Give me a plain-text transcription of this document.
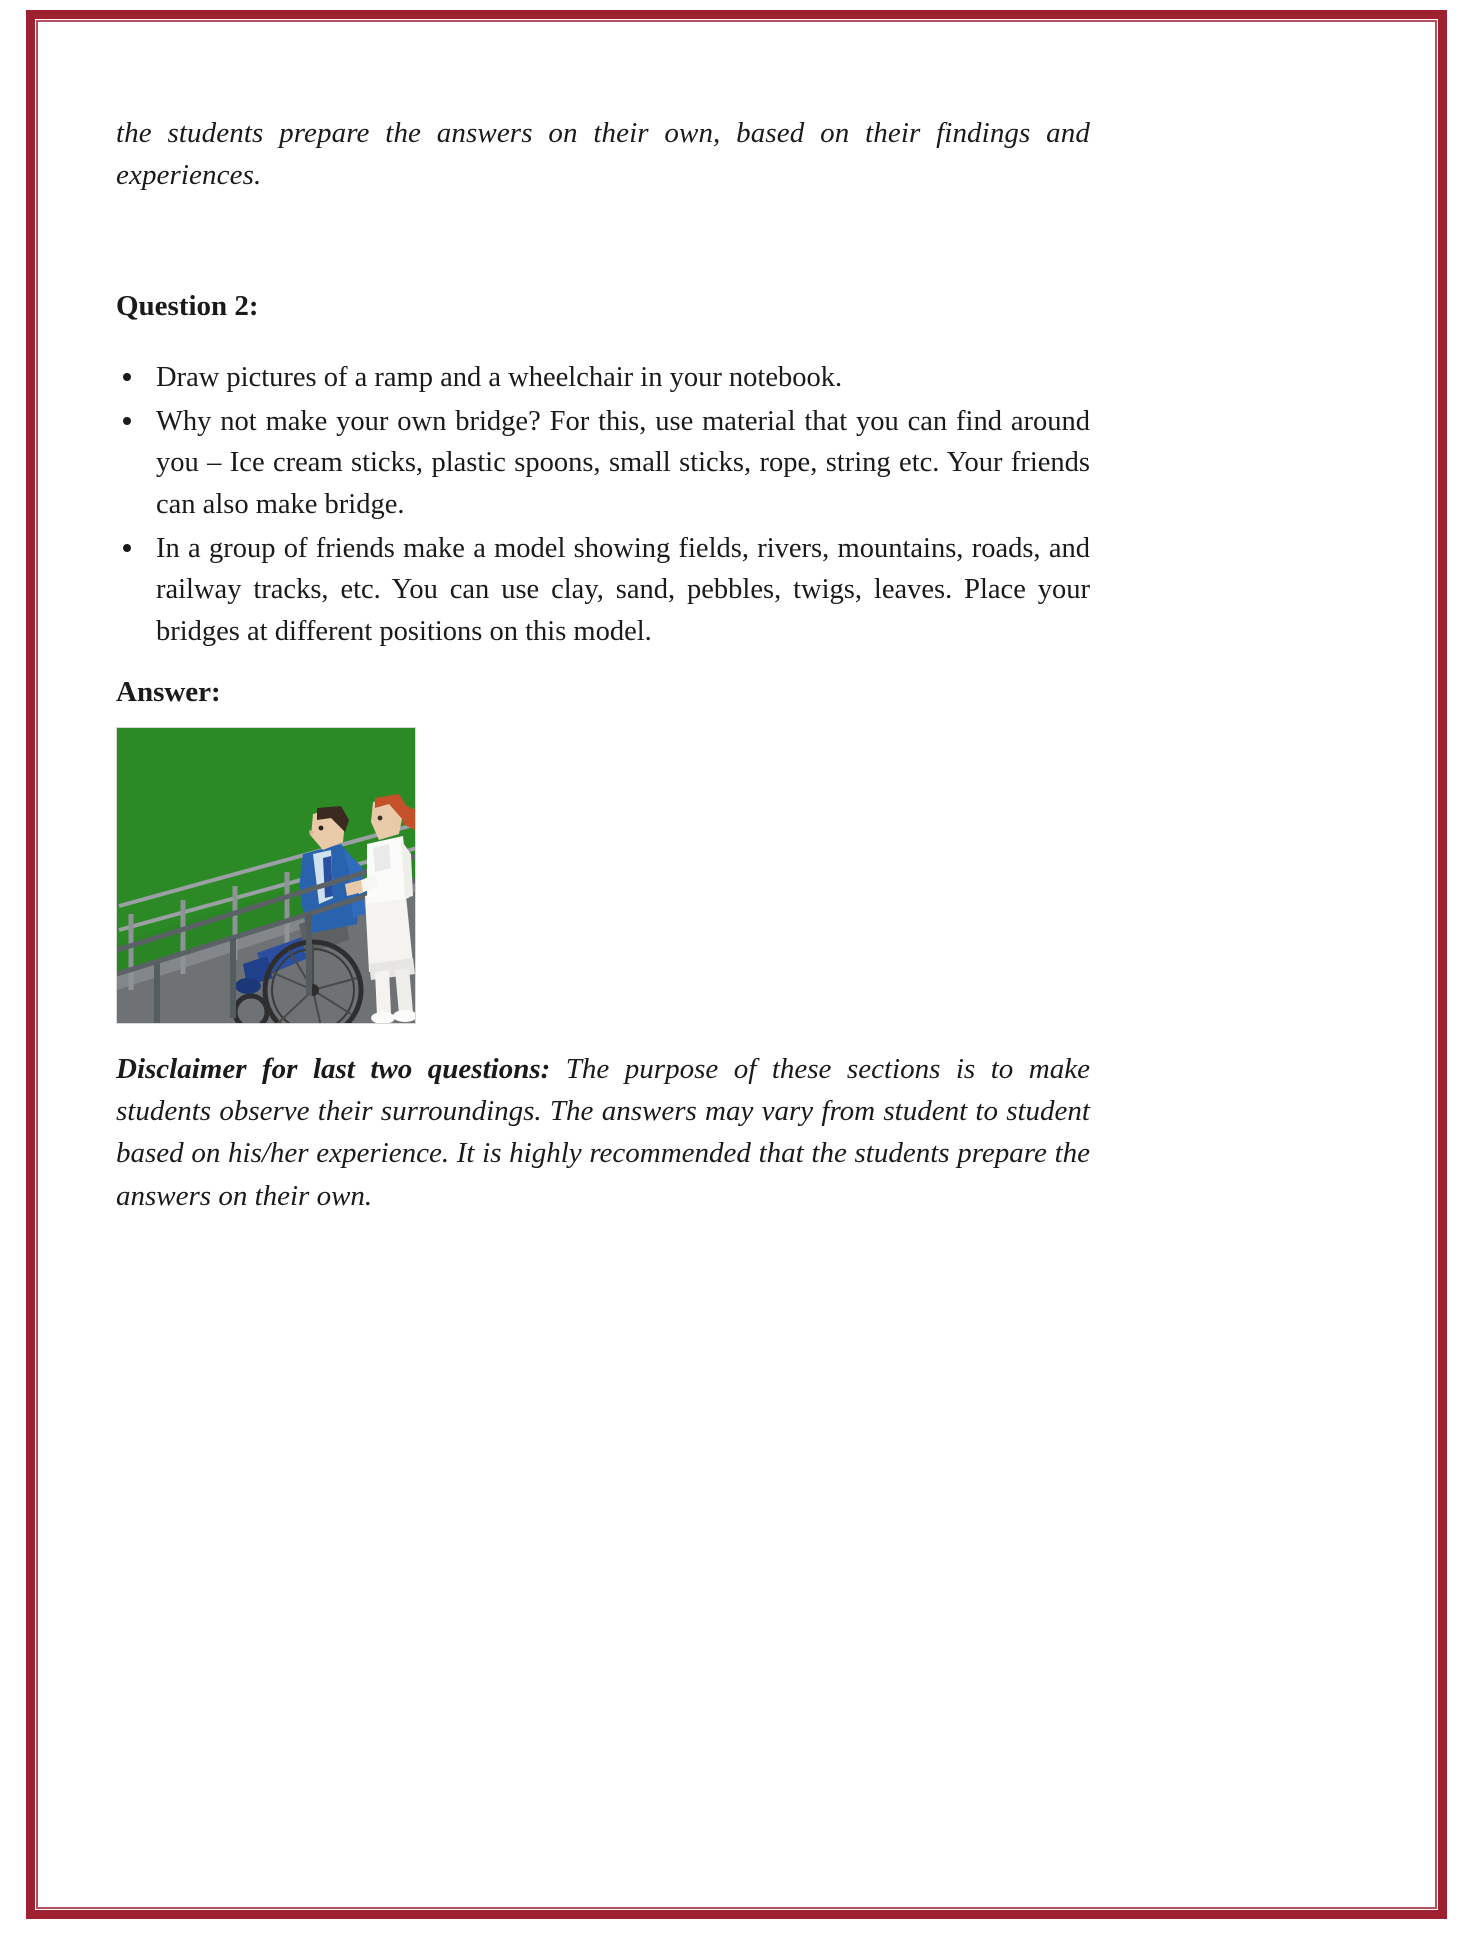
the students prepare the answers on their own, based on their findings and experiences.

Question 2:
Draw pictures of a ramp and a wheelchair in your notebook.
Why not make your own bridge? For this, use material that you can find around you – Ice cream sticks, plastic spoons, small sticks, rope, string etc. Your friends can also make bridge.
In a group of friends make a model showing fields, rivers, mountains, roads, and railway tracks, etc. You can use clay, sand, pebbles, twigs, leaves. Place your bridges at different positions on this model.
Answer:

Disclaimer for last two questions: The purpose of these sections is to make students observe their surroundings. The answers may vary from student to student based on his/her experience. It is highly recommended that the students prepare the answers on their own.
